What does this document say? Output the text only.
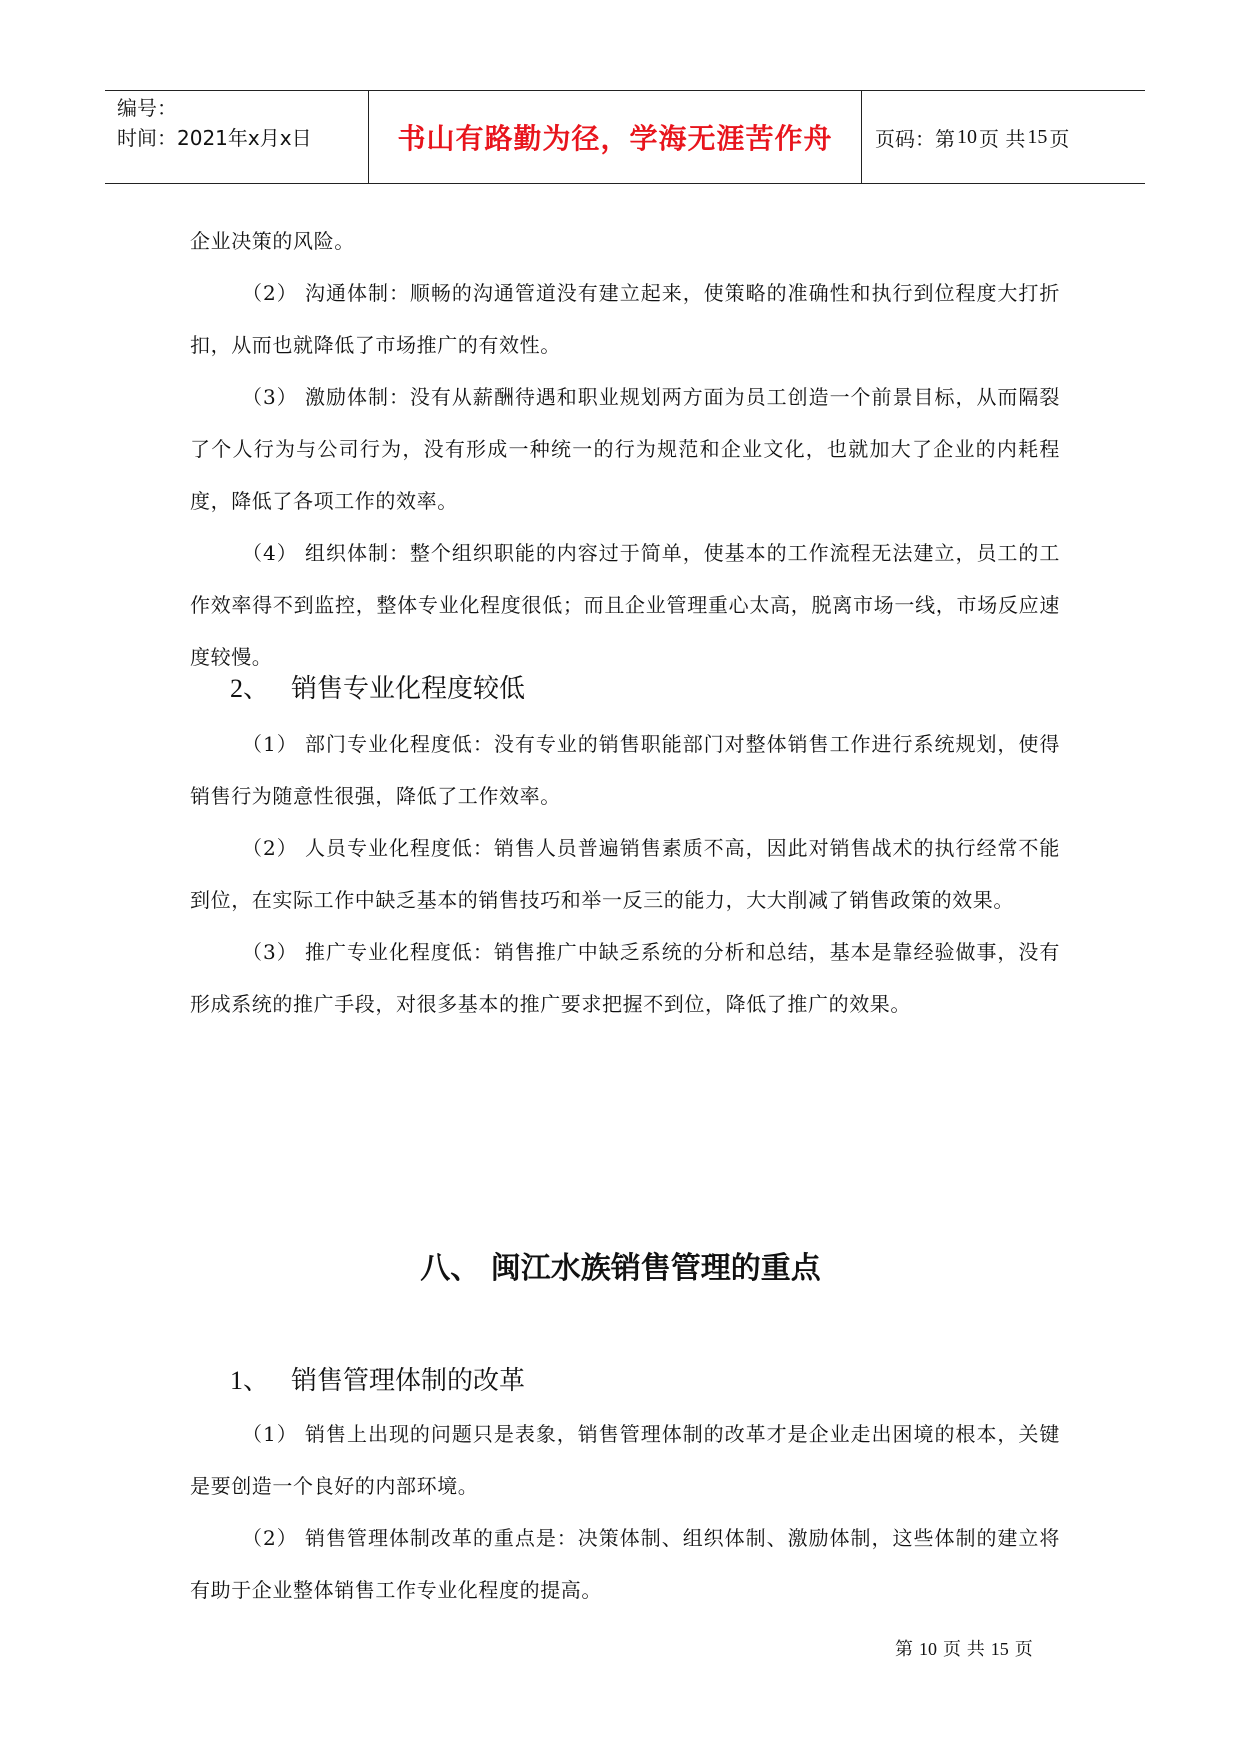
编号：
时间：2021年x月x日	书山有路勤为径，学海无涯苦作舟	页码：第 10 页 共 15 页

企业决策的风险。

（2） 沟通体制：顺畅的沟通管道没有建立起来，使策略的准确性和执行到位程度大打折扣，从而也就降低了市场推广的有效性。

（3） 激励体制：没有从薪酬待遇和职业规划两方面为员工创造一个前景目标，从而隔裂了个人行为与公司行为，没有形成一种统一的行为规范和企业文化，也就加大了企业的内耗程度，降低了各项工作的效率。

（4） 组织体制：整个组织职能的内容过于简单，使基本的工作流程无法建立，员工的工作效率得不到监控，整体专业化程度很低；而且企业管理重心太高，脱离市场一线，市场反应速度较慢。

2、 销售专业化程度较低

（1） 部门专业化程度低：没有专业的销售职能部门对整体销售工作进行系统规划，使得销售行为随意性很强，降低了工作效率。

（2） 人员专业化程度低：销售人员普遍销售素质不高，因此对销售战术的执行经常不能到位，在实际工作中缺乏基本的销售技巧和举一反三的能力，大大削减了销售政策的效果。

（3） 推广专业化程度低：销售推广中缺乏系统的分析和总结，基本是靠经验做事，没有形成系统的推广手段，对很多基本的推广要求把握不到位，降低了推广的效果。

八、 闽江水族销售管理的重点
1、 销售管理体制的改革

（1） 销售上出现的问题只是表象，销售管理体制的改革才是企业走出困境的根本，关键是要创造一个良好的内部环境。

（2） 销售管理体制改革的重点是：决策体制、组织体制、激励体制，这些体制的建立将有助于企业整体销售工作专业化程度的提高。

第 10 页 共 15 页
